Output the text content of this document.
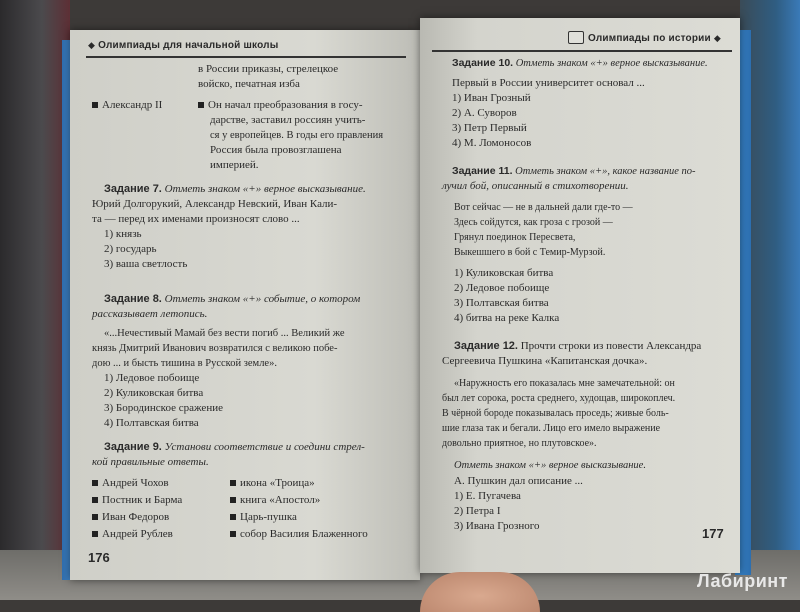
◆ Олимпиады для начальной школы
в России приказы, стрелецкое
войско, печатная изба
Александр II	Он начал преобразования в госу-
дарстве, заставил россиян учить-
ся у европейцев. В годы его правления
Россия была провозглашена
империей.
Задание 7. Отметь знаком «+» верное высказывание.
Юрий Долгорукий, Александр Невский, Иван Кали-
та — перед их именами произносят слово ...
1) князь
2) государь
3) ваша светлость
Задание 8. Отметь знаком «+» событие, о котором
рассказывает летопись.
«...Нечестивый Мамай без вести погиб ... Великий же
князь Дмитрий Иванович возвратился с великою побе-
дою ... и бысть тишина в Русской земле».
1) Ледовое побоище
2) Куликовская битва
3) Бородинское сражение
4) Полтавская битва
Задание 9. Установи соответствие и соедини стрел-
кой правильные ответы.
Андрей Чохов
Постник и Барма
Иван Федоров
Андрей Рублев
икона «Троица»
книга «Апостол»
Царь-пушка
собор Василия Блаженного
176
Олимпиады по истории ◆
Задание 10. Отметь знаком «+» верное высказывание.
Первый в России университет основал ...
1) Иван Грозный
2) А. Суворов
3) Петр Первый
4) М. Ломоносов
Задание 11. Отметь знаком «+», какое название по-
лучил бой, описанный в стихотворении.
Вот сейчас — не в дальней дали где-то —
Здесь сойдутся, как гроза с грозой —
Грянул поединок Пересвета,
Выкешшего в бой с Темир-Мурзой.
1) Куликовская битва
2) Ледовое побоище
3) Полтавская битва
4) битва на реке Калка
Задание 12. Прочти строки из повести Александра
Сергеевича Пушкина «Капитанская дочка».
«Наружность его показалась мне замечательной: он
был лет сорока, роста среднего, худощав, широкоплеч.
В чёрной бороде показывалась проседь; живые боль-
шие глаза так и бегали. Лицо его имело выражение
довольно приятное, но плутовское».
Отметь знаком «+» верное высказывание.
А. Пушкин дал описание ...
1) Е. Пугачева
2) Петра I
3) Ивана Грозного	177
Лабиринт
